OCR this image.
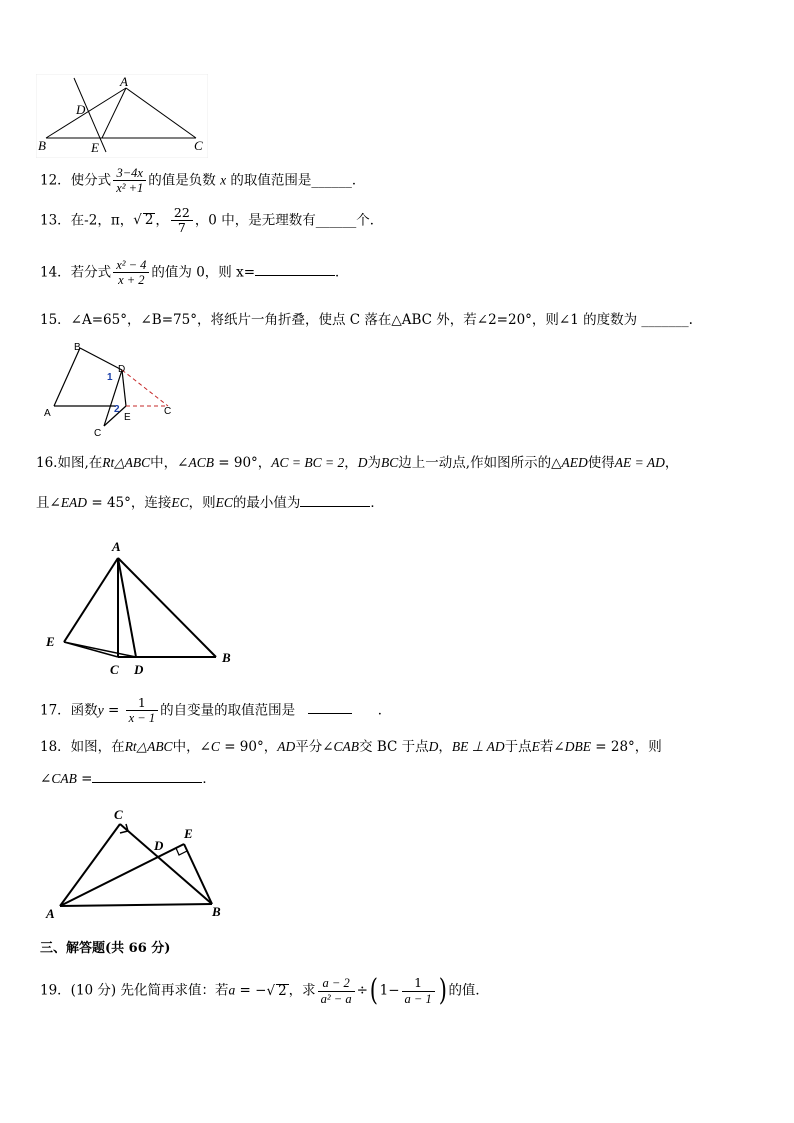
A
B	C
D
E
12．使分式 $\frac{3-4x}{\text{x² +1}}$ 的值是负数 x 的取值范围是______．
13．在-2，π，√ 2 ， $\frac{22}{7}$ ，0 中，是无理数有______个．
14．若分式 $\frac{\text{x² − 4}}{x + 2}$ 的值为 0，则 x=	．
15．∠A=65°，∠B=75°，将纸片一角折叠，使点 C 落在△ABC 外，若∠2=20°，则∠1 的度数为 _______.
B
A
D
E
C
C
1
2
16.如图,在Rt△ABC中，∠ACB = 90°，AC = BC = 2，D为BC边上一动点,作如图所示的△AED使得AE = AD，
且∠EAD = 45°，连接EC，则EC的最小值为	．
A
E
C D
B
17．函数$y = \frac{1}{x - 1}$ 的自变量的取值范围是	．
18．如图，在Rt△ABC中，∠C = 90°，AD平分∠CAB交 BC 于点D，BE ⊥ AD于点E若∠DBE = 28°，则
∠CAB =	．
C
D
E
A	B
三、解答题(共 66 分)
19．(10 分) 先化简再求值：若a = −√ 2 ，求 $\frac{a - 2}{\text{a² − a}}$ ÷( $1- \frac{1}{a - 1}$ ) 的值．
